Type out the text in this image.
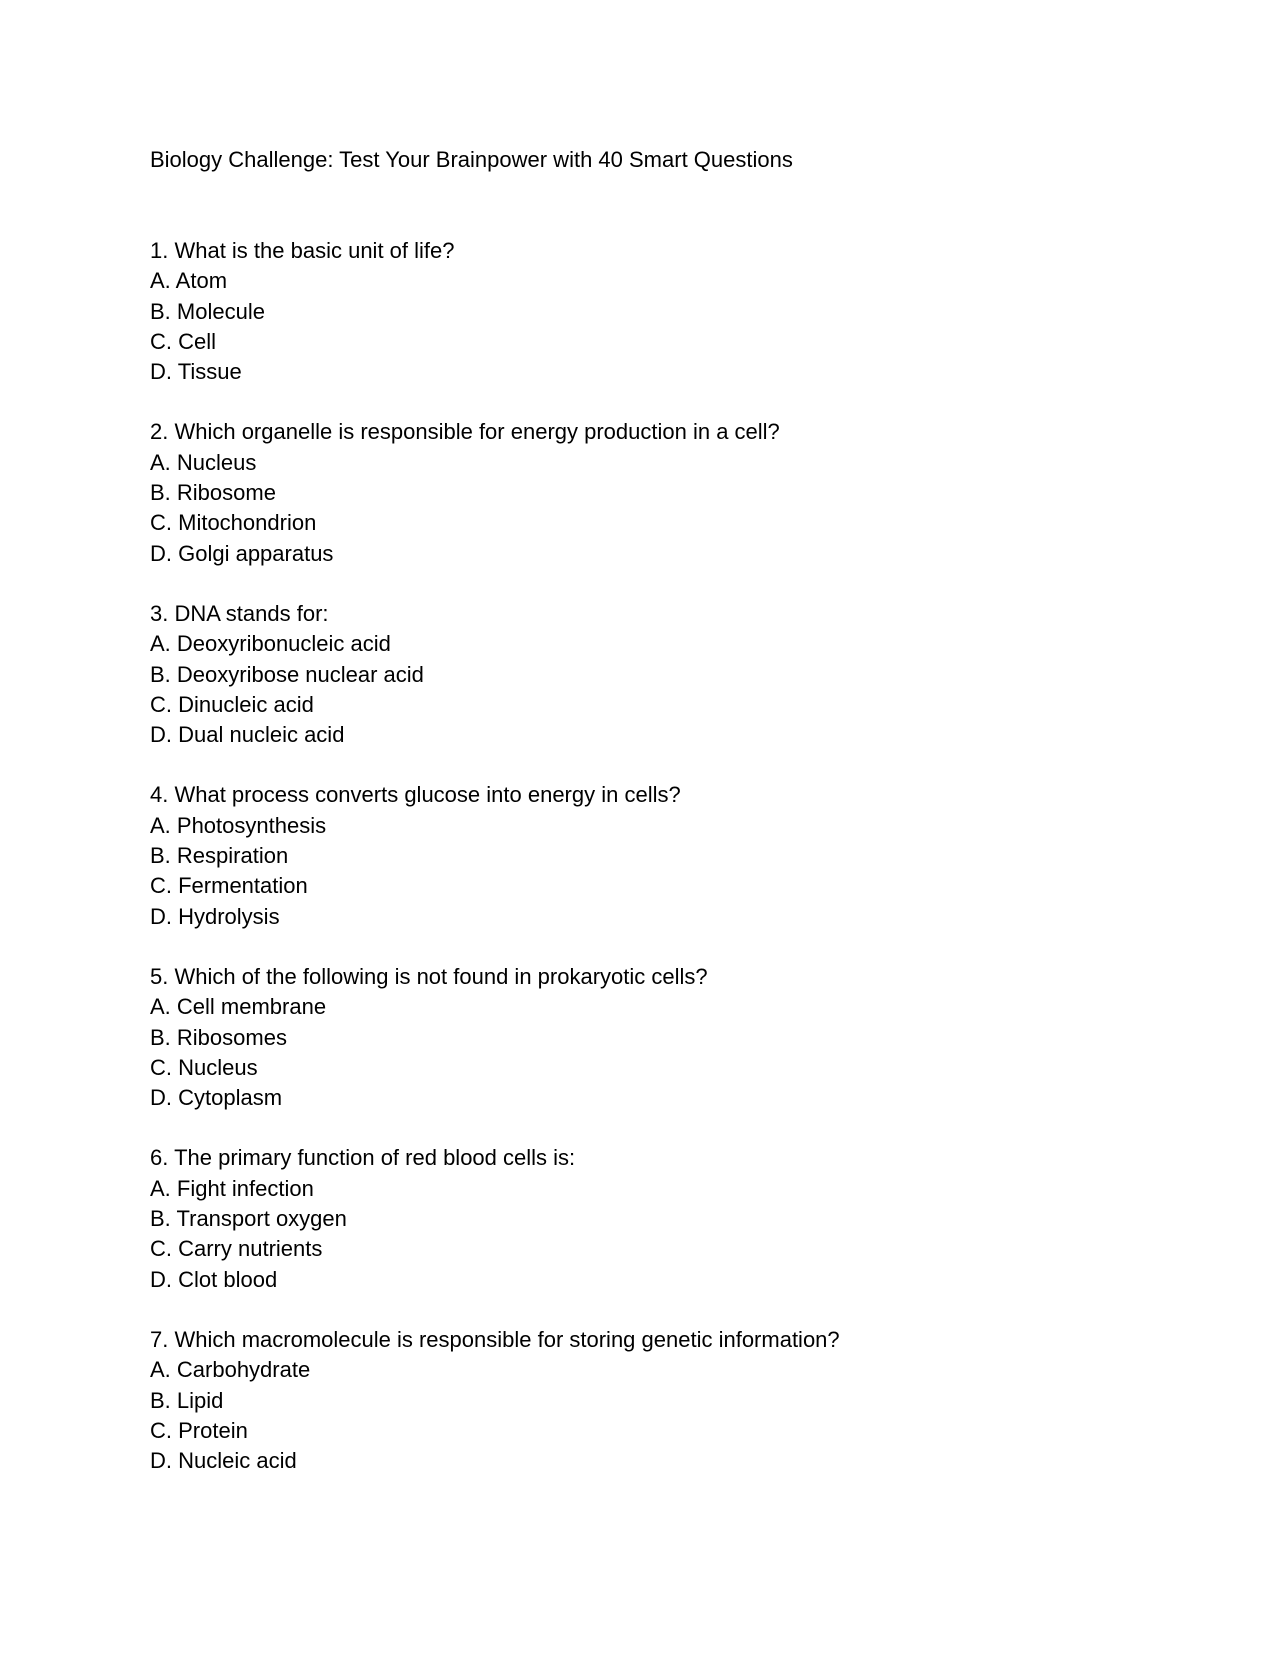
Biology Challenge: Test Your Brainpower with 40 Smart Questions
1. What is the basic unit of life?
A. Atom
B. Molecule
C. Cell
D. Tissue
2. Which organelle is responsible for energy production in a cell?
A. Nucleus
B. Ribosome
C. Mitochondrion
D. Golgi apparatus
3. DNA stands for:
A. Deoxyribonucleic acid
B. Deoxyribose nuclear acid
C. Dinucleic acid
D. Dual nucleic acid
4. What process converts glucose into energy in cells?
A. Photosynthesis
B. Respiration
C. Fermentation
D. Hydrolysis
5. Which of the following is not found in prokaryotic cells?
A. Cell membrane
B. Ribosomes
C. Nucleus
D. Cytoplasm
6. The primary function of red blood cells is:
A. Fight infection
B. Transport oxygen
C. Carry nutrients
D. Clot blood
7. Which macromolecule is responsible for storing genetic information?
A. Carbohydrate
B. Lipid
C. Protein
D. Nucleic acid
